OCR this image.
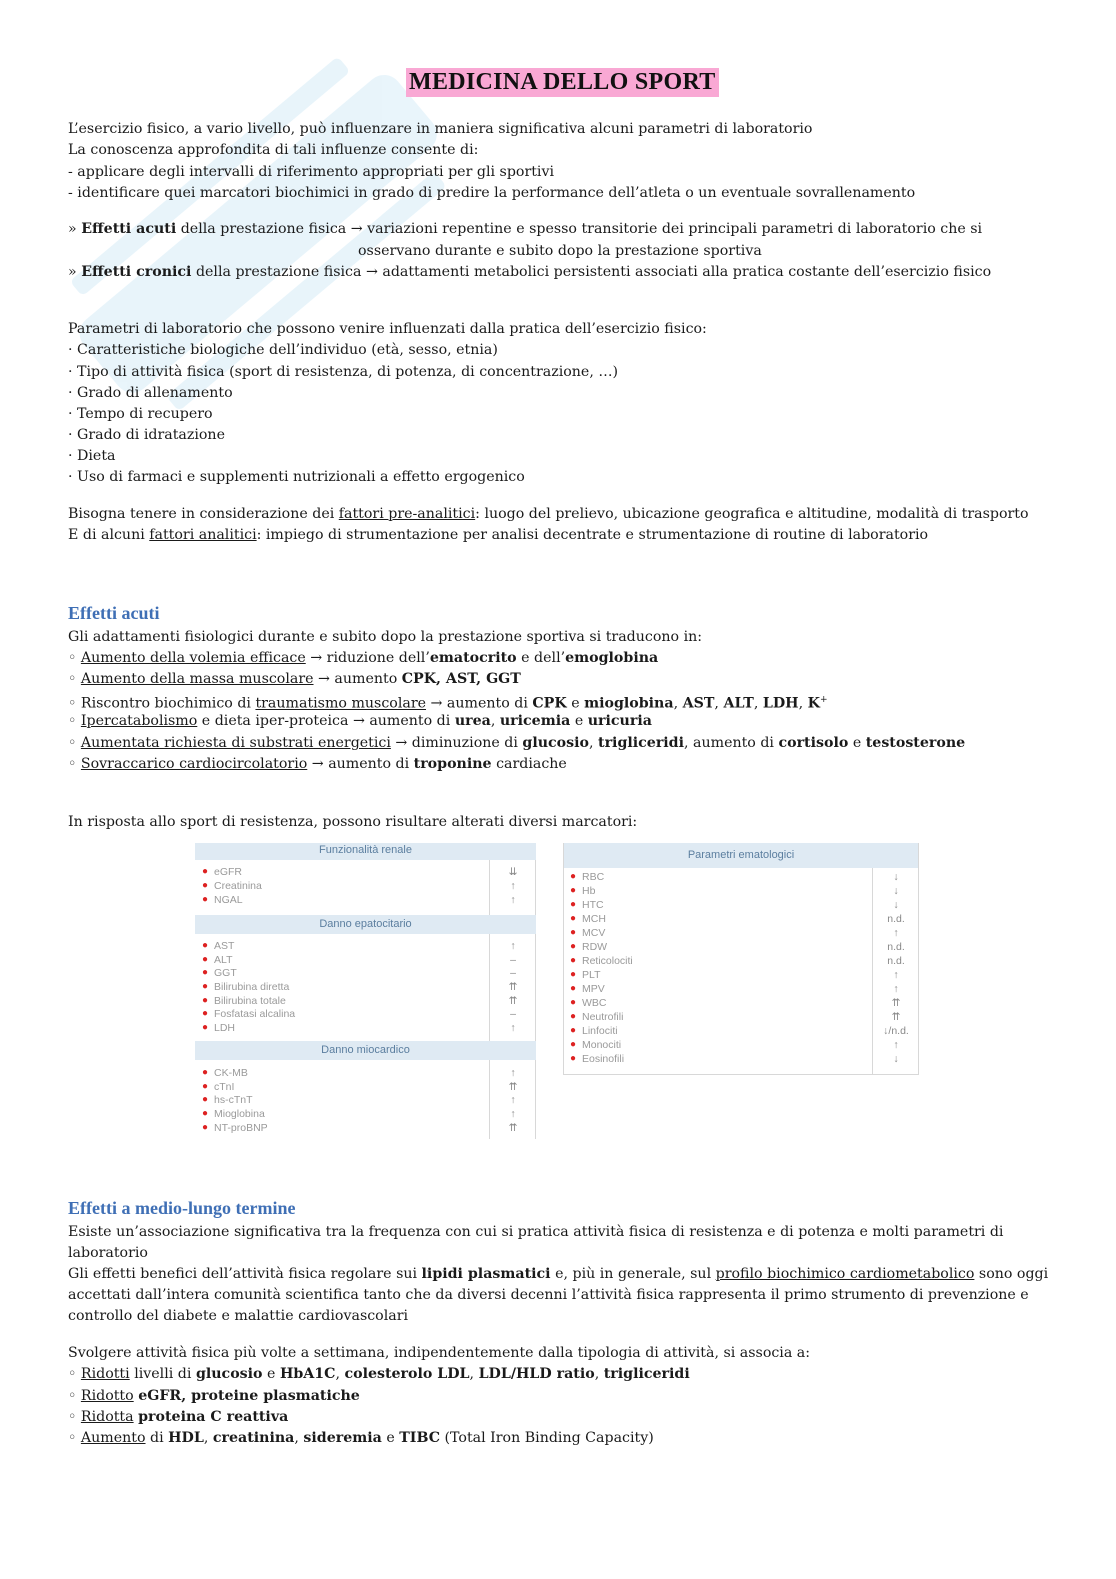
MEDICINA DELLO SPORT
L’esercizio fisico, a vario livello, può influenzare in maniera significativa alcuni parametri di laboratorio
La conoscenza approfondita di tali influenze consente di:
- applicare degli intervalli di riferimento appropriati per gli sportivi
- identificare quei marcatori biochimici in grado di predire la performance dell’atleta o un eventuale sovrallenamento
» Effetti acuti della prestazione fisica → variazioni repentine e spesso transitorie dei principali parametri di laboratorio che si
osservano durante e subito dopo la prestazione sportiva
» Effetti cronici della prestazione fisica → adattamenti metabolici persistenti associati alla pratica costante dell’esercizio fisico
Parametri di laboratorio che possono venire influenzati dalla pratica dell’esercizio fisico:
· Caratteristiche biologiche dell’individuo (età, sesso, etnia)
· Tipo di attività fisica (sport di resistenza, di potenza, di concentrazione, …)
· Grado di allenamento
· Tempo di recupero
· Grado di idratazione
· Dieta
· Uso di farmaci e supplementi nutrizionali a effetto ergogenico
Bisogna tenere in considerazione dei fattori pre-analitici: luogo del prelievo, ubicazione geografica e altitudine, modalità di trasporto
E di alcuni fattori analitici: impiego di strumentazione per analisi decentrate e strumentazione di routine di laboratorio
Effetti acuti
Gli adattamenti fisiologici durante e subito dopo la prestazione sportiva si traducono in:
◦ Aumento della volemia efficace → riduzione dell’ematocrito e dell’emoglobina
◦ Aumento della massa muscolare → aumento CPK, AST, GGT
◦ Riscontro biochimico di traumatismo muscolare → aumento di CPK e mioglobina, AST, ALT, LDH, K+
◦ Ipercatabolismo e dieta iper-proteica → aumento di urea, uricemia e uricuria
◦ Aumentata richiesta di substrati energetici → diminuzione di glucosio, trigliceridi, aumento di cortisolo e testosterone
◦ Sovraccarico cardiocircolatorio → aumento di troponine cardiache
In risposta allo sport di resistenza, possono risultare alterati diversi marcatori:
Funzionalità renale
● eGFR	⇊
● Creatinina	↑
● NGAL	↑
Danno epatocitario
● AST	↑
● ALT	–
● GGT	–
● Bilirubina diretta	⇈
● Bilirubina totale	⇈
● Fosfatasi alcalina	–
● LDH	↑
Danno miocardico
● CK-MB	↑
● cTnI	⇈
● hs-cTnT	↑
● Mioglobina	↑
● NT-proBNP	⇈
Parametri ematologici
● RBC	↓
● Hb	↓
● HTC	↓
● MCH	n.d.
● MCV	↑
● RDW	n.d.
● Reticolociti	n.d.
● PLT	↑
● MPV	↑
● WBC	⇈
● Neutrofili	⇈
● Linfociti	↓/n.d.
● Monociti	↑
● Eosinofili	↓
Effetti a medio-lungo termine
Esiste un’associazione significativa tra la frequenza con cui si pratica attività fisica di resistenza e di potenza e molti parametri di
laboratorio
Gli effetti benefici dell’attività fisica regolare sui lipidi plasmatici e, più in generale, sul profilo biochimico cardiometabolico sono oggi
accettati dall’intera comunità scientifica tanto che da diversi decenni l’attività fisica rappresenta il primo strumento di prevenzione e
controllo del diabete e malattie cardiovascolari
Svolgere attività fisica più volte a settimana, indipendentemente dalla tipologia di attività, si associa a:
◦ Ridotti livelli di glucosio e HbA1C, colesterolo LDL, LDL/HLD ratio, trigliceridi
◦ Ridotto eGFR, proteine plasmatiche
◦ Ridotta proteina C reattiva
◦ Aumento di HDL, creatinina, sideremia e TIBC (Total Iron Binding Capacity)
